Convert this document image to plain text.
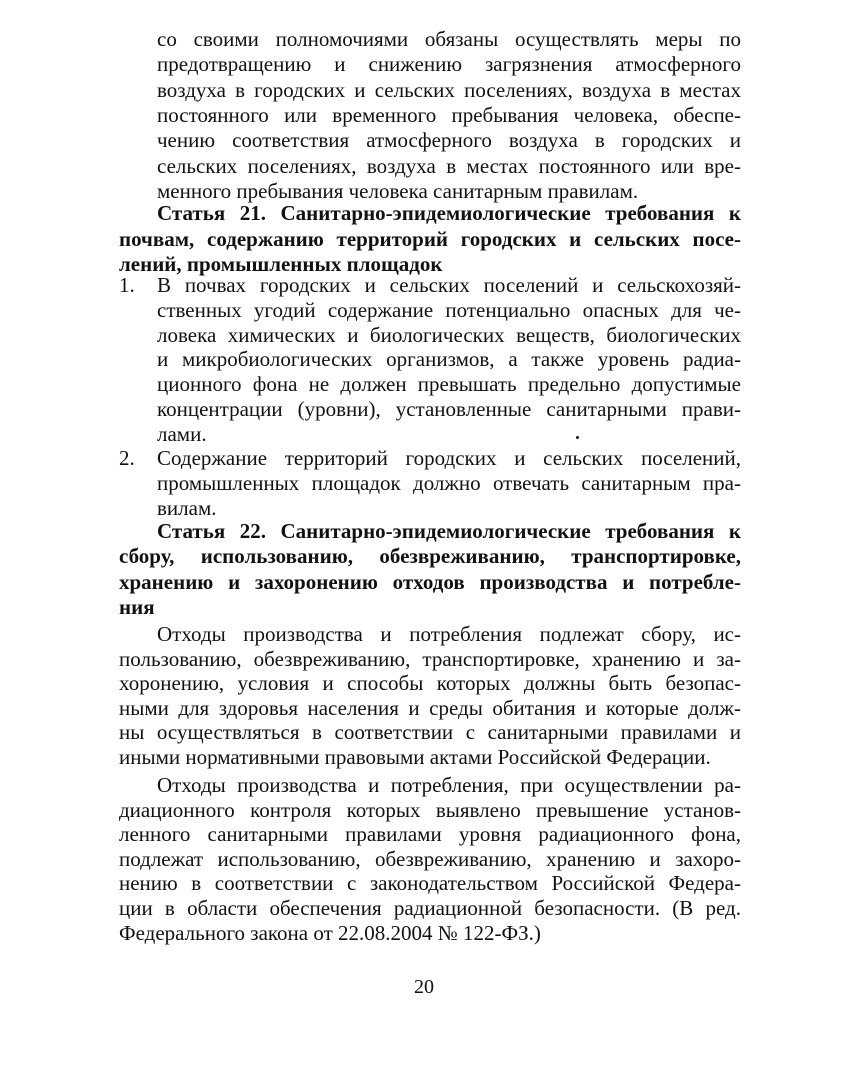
со своими полномочиями обязаны осуществлять меры по
предотвращению и снижению загрязнения атмосферного
воздуха в городских и сельских поселениях, воздуха в местах
постоянного или временного пребывания человека, обеспе-
чению соответствия атмосферного воздуха в городских и
сельских поселениях, воздуха в местах постоянного или вре-
менного пребывания человека санитарным правилам.
Статья 21. Санитарно-эпидемиологические требования к
почвам, содержанию территорий городских и сельских посе-
лений, промышленных площадок
1. В почвах городских и сельских поселений и сельскохозяй-
ственных угодий содержание потенциально опасных для че-
ловека химических и биологических веществ, биологических
и микробиологических организмов, а также уровень радиа-
ционного фона не должен превышать предельно допустимые
концентрации (уровни), установленные санитарными прави-
лами.
2. Содержание территорий городских и сельских поселений,
промышленных площадок должно отвечать санитарным пра-
вилам.
Статья 22. Санитарно-эпидемиологические требования к
сбору, использованию, обезвреживанию, транспортировке,
хранению и захоронению отходов производства и потребле-
ния
Отходы производства и потребления подлежат сбору, ис-
пользованию, обезвреживанию, транспортировке, хранению и за-
хоронению, условия и способы которых должны быть безопас-
ными для здоровья населения и среды обитания и которые долж-
ны осуществляться в соответствии с санитарными правилами и
иными нормативными правовыми актами Российской Федерации.
Отходы производства и потребления, при осуществлении ра-
диационного контроля которых выявлено превышение установ-
ленного санитарными правилами уровня радиационного фона,
подлежат использованию, обезвреживанию, хранению и захоро-
нению в соответствии с законодательством Российской Федера-
ции в области обеспечения радиационной безопасности. (В ред.
Федерального закона от 22.08.2004 № 122-ФЗ.)
20
